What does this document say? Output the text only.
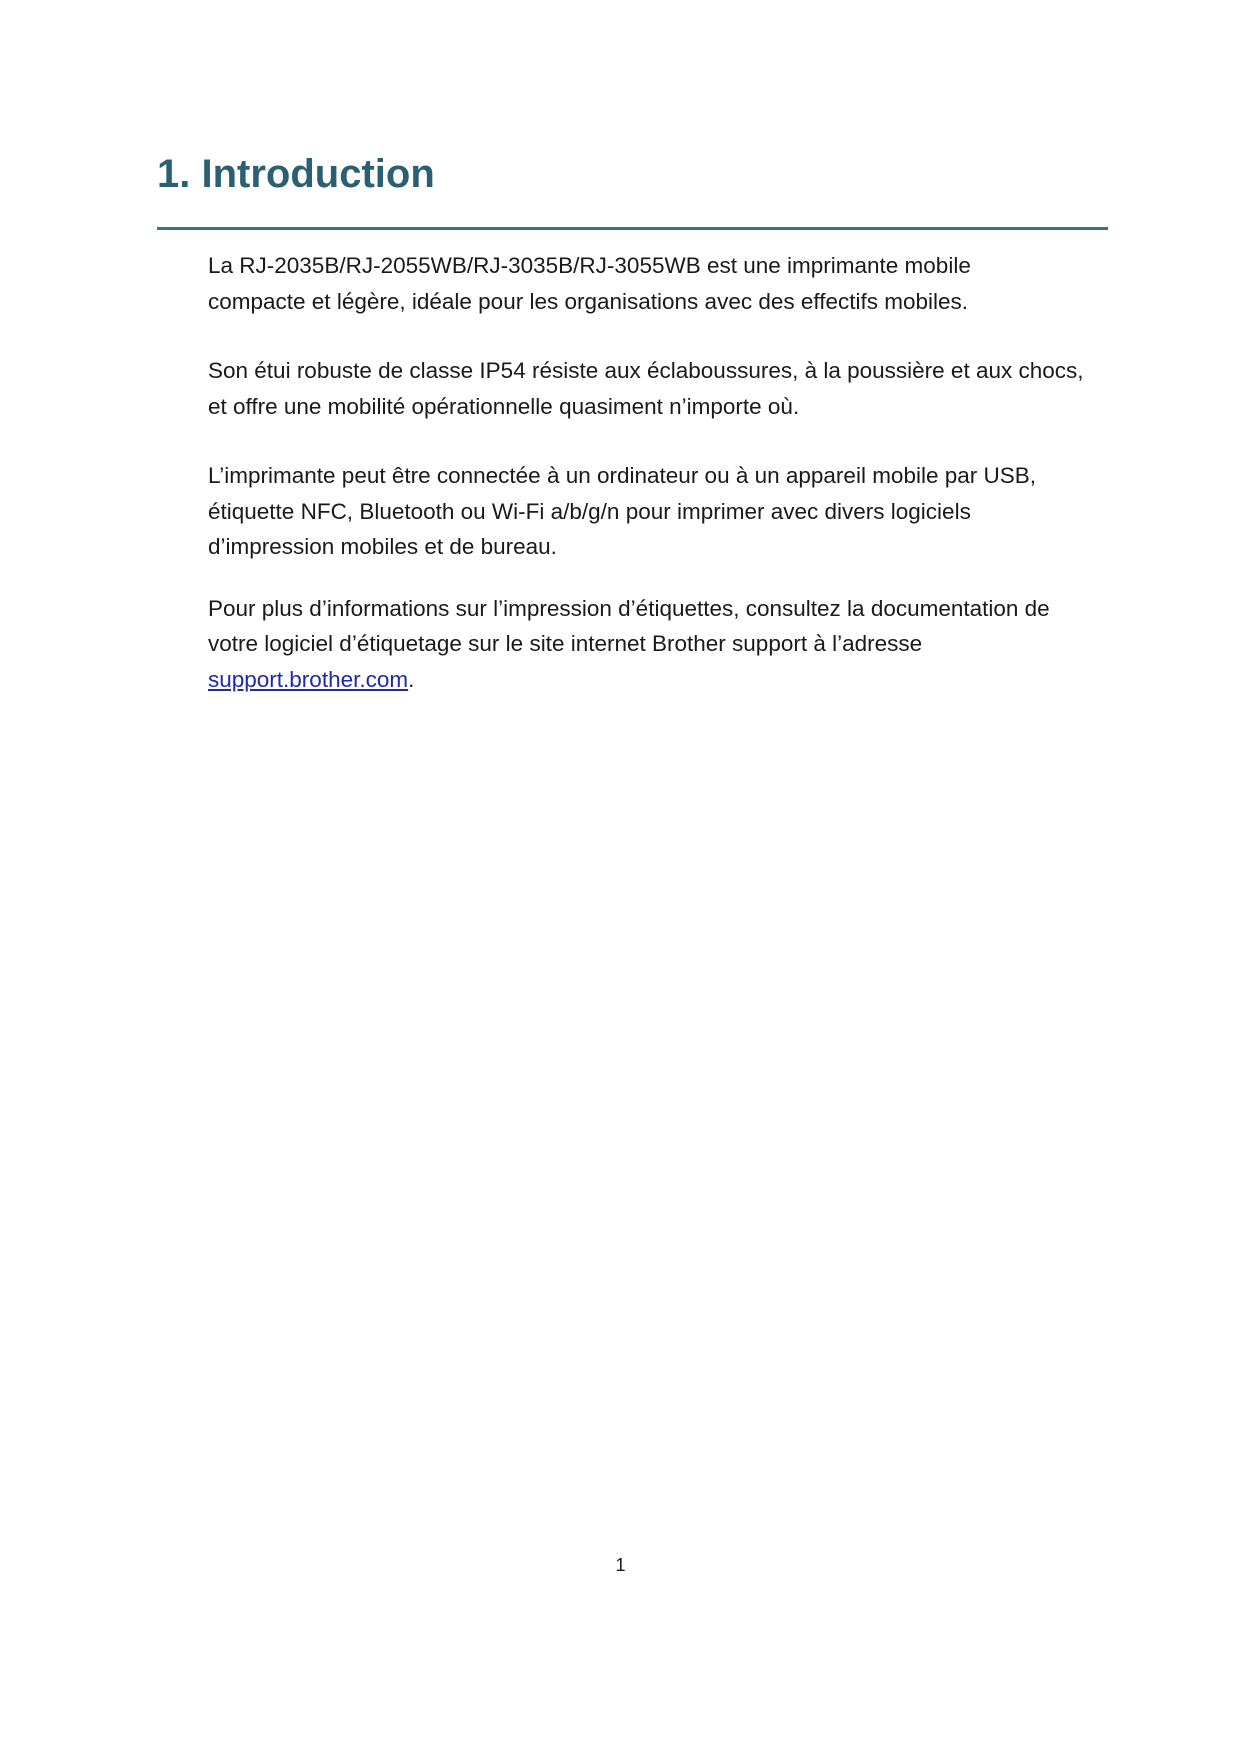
1. Introduction

La RJ-2035B/RJ-2055WB/RJ-3035B/RJ-3055WB est une imprimante mobile
compacte et légère, idéale pour les organisations avec des effectifs mobiles.

Son étui robuste de classe IP54 résiste aux éclaboussures, à la poussière et aux chocs,
et offre une mobilité opérationnelle quasiment n’importe où.

L’imprimante peut être connectée à un ordinateur ou à un appareil mobile par USB,
étiquette NFC, Bluetooth ou Wi-Fi a/b/g/n pour imprimer avec divers logiciels
d’impression mobiles et de bureau.

Pour plus d’informations sur l’impression d’étiquettes, consultez la documentation de
votre logiciel d’étiquetage sur le site internet Brother support à l’adresse
support.brother.com.

1
